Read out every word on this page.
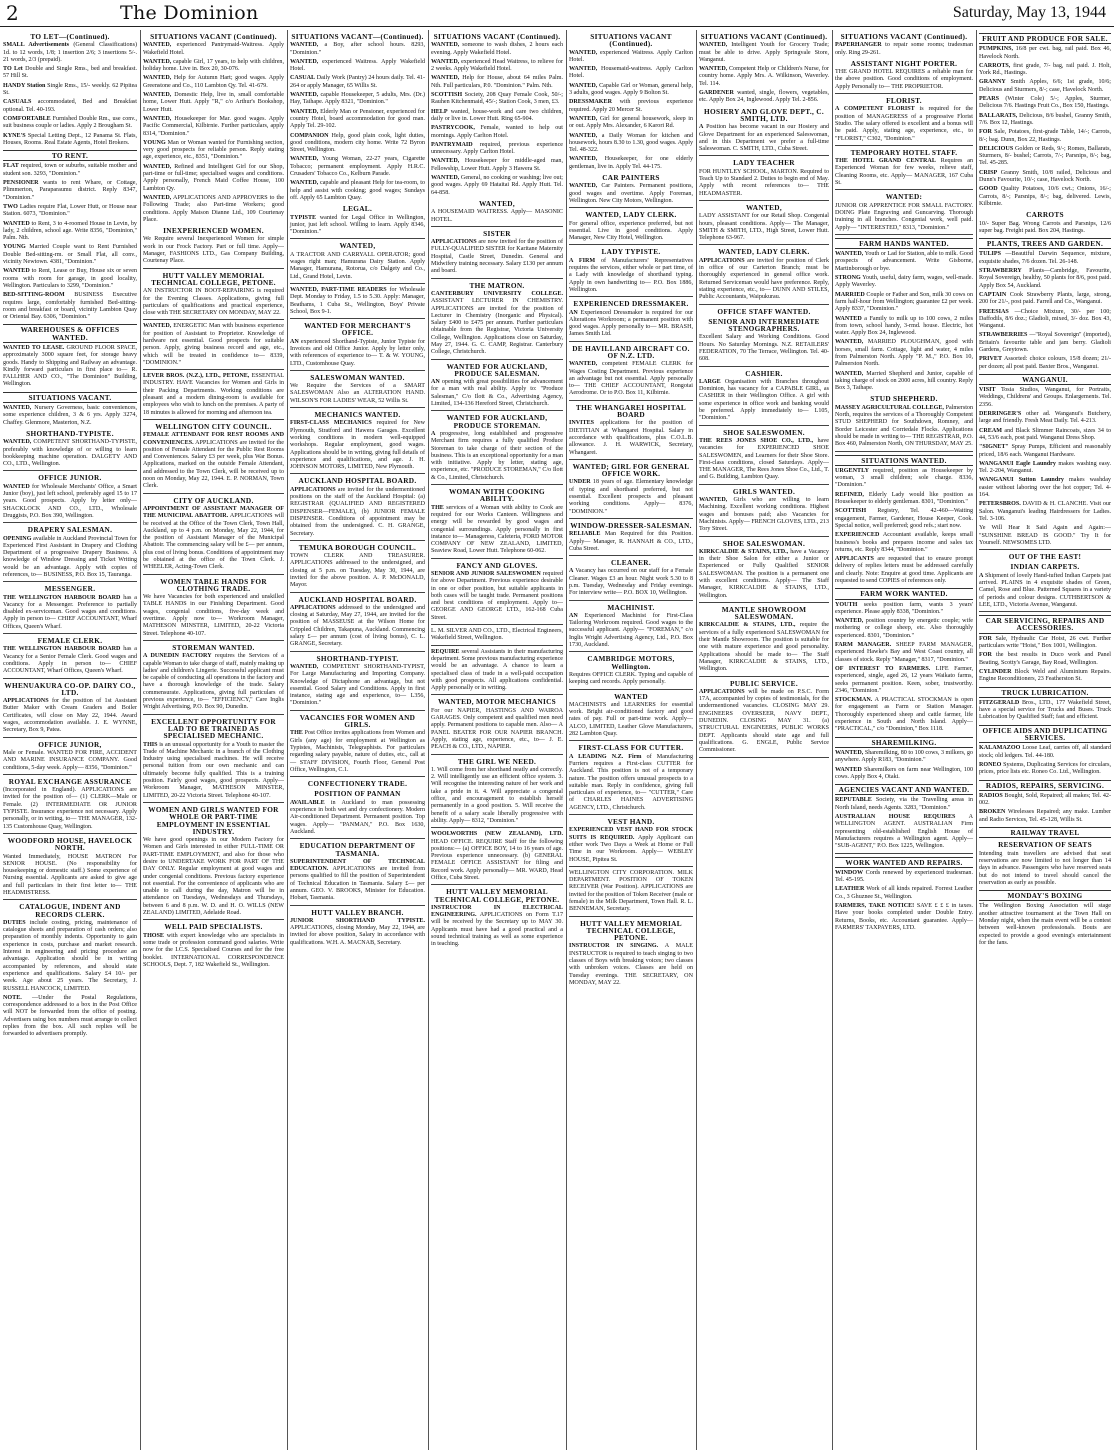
2	The Dominion	Saturday, May 13, 1944
TO LET—(Continued).
SMALL Advertisements (General Classifications) 1d. to 12 words, 1/8; 1 insertion 2/6; 3 insertions 5/-. 21 words, 2/3 (prepaid).
TO Let Double and Single Rms., bed and breakfast. 57 Hill St.
HANDY Station Single Rms., 15/- weekly. 62 Pipitea St.
CASUALS accommodated, Bed and Breakfast optional. Tel. 40-193.
COMFORTABLE Furnished Double Rm., use conv., suit business couple or ladies. Apply 2 Brougham St.
KYNE'S Special Letting Dept., 12 Panama St. Flats, Houses, Rooms. Real Estate Agents, Hotel Brokers.
TO RENT.
FLAT required, town or suburbs, suitable mother and student son. 3293, "Dominion."
PENSIONER wants to rent Whare, or Cottage, Plimmerton, Paraparaumu district. Reply 8347, "Dominion."
TWO Ladies require Flat, Lower Hutt, or House near Station. 6073, "Dominion."
WANTED to Rent, 3 to 4-roomed House in Levin, by lady, 2 children, school age. Write 8356, "Dominion," Palm. Nth.
YOUNG Married Couple want to Rent Furnished Double Bed-sitting-rm. or Small Flat, all conv., vicinity Newtown. 4381, "Dominion."
WANTED to Rent, Lease or Buy, House six or seven rooms with room for garage, in good locality, Wellington. Particulars to 3299, "Dominion."
BED-SITTING-ROOM BUSINESS Executive requires large, comfortably furnished Bed-sitting-room and breakfast or board, vicinity Lambton Quay or Oriental Bay. 6306, "Dominion."
WAREHOUSES & OFFICES WANTED.
WANTED TO LEASE. GROUND FLOOR SPACE, approximately 3000 square feet, for storage heavy goods. Handy to Shipping and Railway an advantage. Kindly forward particulars in first place to— R. FALLHER AND CO., "The Dominion" Building, Wellington.
SITUATIONS VACANT.
WANTED, Nursery Governess, basic conveniences, some experience children, 3 & 6 yrs. Apply 3274, Chaffey. Glenmore, Masterton, N.Z.
SHORTHAND-TYPISTE.
WANTED, COMPETENT SHORTHAND-TYPISTE, preferably with knowledge of or willing to learn bookkeeping machine operation. DALGETY AND CO., LTD., Wellington.
OFFICE JUNIOR.
WANTED for Wholesale Merchants' Office, a Smart Junior (boy), just left school, preferably aged 15 to 17 years. Good prospects. Apply by letter only— SHACKLOCK AND CO., LTD., Wholesale Druggists, P.O. Box 390, Wellington.
DRAPERY SALESMAN.
OPENING available in Auckland Provincial Town for Experienced First Assistant in Drapery and Clothing Department of a progressive Drapery Business. A knowledge of Window Dressing and Ticket Writing would be an advantage. Apply with copies of references, to— BUSINESS, P.O. Box 15, Tauranga.
MESSENGER.
THE WELLINGTON HARBOUR BOARD has a Vacancy for a Messenger. Preference to partially disabled ex-serviceman. Good wages and conditions. Apply in person to— CHIEF ACCOUNTANT, Wharf Offices, Queen's Wharf.
FEMALE CLERK.
THE WELLINGTON HARBOUR BOARD has a Vacancy for a Senior Female Clerk. Good wages and conditions. Apply in person to— CHIEF ACCOUNTANT, Wharf Offices, Queen's Wharf.
WHENUAKURA CO-OP. DAIRY CO., LTD.
APPLICATIONS for the position of 1st Assistant Butter Maker with Cream Graders and Boiler Certificates, will close on May 22, 1944. Award wages, accommodation available. J. E. WYNNE, Secretary, Box 9, Patea.
OFFICE JUNIOR,
Male or Female. WANTED FOR FIRE, ACCIDENT AND MARINE INSURANCE COMPANY. Good conditions, 5-day week. Apply— 8356, "Dominion."
ROYAL EXCHANGE ASSURANCE
(Incorporated in England). APPLICATIONS are invited for the position of— (1) CLERK—Male or Female. (2) INTERMEDIATE OR JUNIOR TYPISTE. Insurance experience not necessary. Apply personally, or in writing, to— THE MANAGER, 132-135 Customhouse Quay, Wellington.
WOODFORD HOUSE, HAVELOCK NORTH.
Wanted Immediately, HOUSE MATRON For SENIOR HOUSE. (No responsibility for housekeeping or domestic staff.) Some experience of Nursing essential. Applicants are asked to give age and full particulars in their first letter to— THE HEADMISTRESS.
CATALOGUE, INDENT AND RECORDS CLERK.
DUTIES include costing, pricing, maintenance of catalogue sheets and preparation of cash orders; also preparation of monthly indents. Opportunity to gain experience in costs, purchase and market research. Interest in engineering and pricing procedure an advantage. Application should be in writing accompanied by references, and should state experience and qualifications. Salary £4 10/- per week. Age about 25 years. The Secretary, J. RUSSELL HANCOCK, LIMITED.
NOTE. —Under the Postal Regulations, correspondence addressed to a box in the Post Office will NOT be forwarded from the office of posting. Advertisers using box numbers must arrange to collect replies from the box. All such replies will be forwarded to advertisers promptly.
SITUATIONS VACANT (Continued).
WANTED, experienced Pantrymaid-Waitress. Apply Wakefield Hotel.
WANTED, capable Girl, 17 years, to help with children, holiday home. Live in. Box 20, 30-076.
WANTED, Help for Autumn Hart; good wages. Apply Greenstone and Co., 110 Lambton Qy. Tel. 41-679.
WANTED, Domestic Help, live in, small comfortable home, Lower Hutt. Apply "R," c/o Arthur's Bookshop, Lower Hutt.
WANTED, Housekeeper for Mar. good wages. Apply Pacific Commercial, Kilbirnie. Further particulars, apply 8314, "Dominion."
YOUNG Man or Woman wanted for Furnishing section, very good prospects for reliable person. Reply stating age, experience, etc., 8351, "Dominion."
WANTED, Refined and Intelligent Girl for our Shop, part-time or full-time; specialised wages and conditions. Apply personally, French Maid Coffee House, 100 Lambton Qy.
WANTED, APPLICATIONS AND APPROVERS to the Following Trade; also Part-time Workers; good conditions. Apply Maison Dianne Ltd., 109 Courtenay Place.
INEXPERIENCED WOMEN.
We Require several Inexperienced Women for simple work in our Frock Factory. Part or full time. Apply— Manager, FASHIONS LTD., Gas Company Building, Courtenay Place.
HUTT VALLEY MEMORIAL TECHNICAL COLLEGE, PETONE.
AN INSTRUCTOR IN BOOT-REPAIRING is required for the Evening Classes. Applications, giving full particulars of qualifications and practical experience, close with THE SECRETARY ON MONDAY, MAY 22.
WANTED, ENERGETIC Man with business experience for position of Assistant to Proprietor. Knowledge of hardware not essential. Good prospects for suitable person. Apply, giving business record and age, etc., which will be treated in confidence to— 8339, "DOMINION."
LEVER BROS. (N.Z.), LTD., PETONE, ESSENTIAL INDUSTRY. HAVE Vacancies for Women and Girls in their Packing Departments. Working conditions are pleasant and a modern dining-room is available for employees who wish to lunch on the premises. A party of 18 minutes is allowed for morning and afternoon tea.
WELLINGTON CITY COUNCIL.
FEMALE ATTENDANT FOR REST ROOMS AND CONVENIENCES. APPLICATIONS are invited for the position of Female Attendant for the Public Rest Rooms and Conveniences. Salary £3 per week, plus War Bonus. Applications, marked on the outside Female Attendant, and addressed to the Town Clerk, will be received up to noon on Monday, May 22, 1944. E. P. NORMAN, Town Clerk.
CITY OF AUCKLAND.
APPOINTMENT OF ASSISTANT MANAGER OF THE MUNICIPAL ABATTOIR. APPLICATIONS will be received at the Office of the Town Clerk, Town Hall, Auckland, up to 4 p.m. on Monday, May 22, 1944, for the position of Assistant Manager of the Municipal Abattoir. The commencing salary will be £— per annum, plus cost of living bonus. Conditions of appointment may be obtained at the office of the Town Clerk. J. WHEELER, Acting-Town Clerk.
WOMEN TABLE HANDS FOR CLOTHING TRADE.
We have Vacancies for both experienced and unskilled TABLE HANDS in our Finishing Department. Good wages, congenial conditions, five-day week and overtime. Apply now to— Workroom Manager, MATHESON MINSTER, LIMITED, 20-22 Victoria Street. Telephone 40-107.
STOREMAN WANTED.
A DUNEDIN FACTORY requires the Services of a capable Woman to take charge of staff, mainly making up ladies' and children's Lingerie. Successful applicant must be capable of conducting all operations in the factory and have a thorough knowledge of the trade. Salary commensurate. Applications, giving full particulars of previous experience, to— "EFFICIENCY," Care Inglis Wright Advertising, P.O. Box 90, Dunedin.
EXCELLENT OPPORTUNITY FOR LAD TO BE TRAINED AS SPECIALISED MECHANIC.
THIS is an unusual opportunity for a Youth to master the Trade of Machine Mechanic in a branch of the Clothing Industry using specialised machines. He will receive personal tuition from our own mechanic and can ultimately become fully qualified. This is a training position. Fairly good wages, good prospects. Apply— Workroom Manager, MATHESON MINSTER, LIMITED, 20-22 Victoria Street. Telephone 40-107.
WOMEN AND GIRLS WANTED FOR WHOLE OR PART-TIME EMPLOYMENT IN ESSENTIAL INDUSTRY.
We have good openings in our Modern Factory for Women and Girls interested in either FULL-TIME OR PART-TIME EMPLOYMENT, and also for those who desire to UNDERTAKE WORK FOR PART OF THE DAY ONLY. Regular employment at good wages and under congenial conditions. Previous factory experience not essential. For the convenience of applicants who are unable to call during the day, Matron will be in attendance on Tuesdays, Wednesdays and Thursdays, between 6 and 8 p.m. W. D. and H. O. WILLS (NEW ZEALAND) LIMITED, Adelaide Road.
WELL PAID SPECIALISTS.
THOSE with expert knowledge who are specialists in some trade or profession command good salaries. Write now for the I.C.S. Specialised Courses and for the free booklet. INTERNATIONAL CORRESPONDENCE SCHOOLS, Dept. 7, 182 Wakefield St., Wellington.
SITUATIONS VACANT—(Continued).
WANTED, a Boy, after school hours. 8293, "Dominion."
WANTED, experienced Waitress. Apply Wakefield Hotel.
CASUAL Daily Work (Pantry) 24 hours daily. Tel. 41-264 or apply Manager, 65 Willis St.
WANTED, capable Housekeeper, 5 adults, Mrs. (Dr.) Hay, Taihape. Apply 8321, "Dominion."
WANTED, Elderly Man or Pensioner, experienced for country Hotel, board accommodation for good man. Apply Tel. 29-102.
COMPANION Help, good plain cook, light duties, good conditions, modern city home. Write 72 Byron Street, Wellington.
WANTED, Young Woman, 22-27 years, Cigarette Tobacco; permanent employment. Apply H.R.C. Crusaders' Tobacco Co., Kelburn Parade.
WANTED, capable and pleasant Help for tea-room, to help and assist with cooking; good wages; Sundays off. Apply 65 Lambton Quay.
LEGAL.
TYPISTE wanted for Legal Office in Wellington, junior, just left school. Willing to learn. Apply 8346, "Dominion."
WANTED,
A TRACTOR AND CARRYALL OPERATOR; good wages right man; Hamurana Dairy Station. Apply Manager, Hamurana, Rotorua, c/o Dalgety and Co., Ltd., Grand Hotel, Levin.
WANTED, PART-TIME READERS for Wholesale Dept. Monday to Friday, 1.5 to 5.30. Apply: Manager, Beathams, 1 Cuba St., Wellington, Boys' Private School, Box 9-1.
WANTED FOR MERCHANT'S OFFICE.
AN experienced Shorthand-Typiste, Junior Typiste for Invoices and old Office Junior. Apply by letter only, with references of experience to— T. & W. YOUNG, LTD., Customhouse Quay.
SALESWOMAN WANTED.
We Require the Services of a SMART SALESWOMAN Also an ALTERATION HAND. WILSON'S FOR LADIES' WEAR, 52 Willis St.
MECHANICS WANTED.
FIRST-CLASS MECHANICS required for New Plymouth, Stratford and Hawera Garages. Excellent working conditions in modern well-equipped workshops. Regular employment, good wages. Applications should be in writing, giving full details of experience and qualifications, and age. J. H. JOHNSON MOTORS, LIMITED, New Plymouth.
AUCKLAND HOSPITAL BOARD.
APPLICATIONS are invited for the undermentioned positions on the staff of the Auckland Hospital: (a) REGISTRAR (QUALIFIED AND REGISTERED DISPENSER—FEMALE), (b) JUNIOR FEMALE DISPENSER. Conditions of appointment may be obtained from the undersigned. C. H. GRANGE, Secretary.
TEMUKA BOROUGH COUNCIL.
TOWN CLERK AND TREASURER. APPLICATIONS addressed to the undersigned, and closing at 5 p.m. on Tuesday, May 30, 1944, are invited for the above position. A. P. McDONALD, Mayor.
AUCKLAND HOSPITAL BOARD.
APPLICATIONS addressed to the undersigned and closing at Saturday, May 27, 1944, are invited for the position of MASSEUSE at the Wilson Home for Crippled Children, Takapuna, Auckland. Commencing salary £— per annum (cost of living bonus), C. L. GRANGE, Secretary.
SHORTHAND-TYPIST.
WANTED, COMPETENT SHORTHAND-TYPIST, For Large Manufacturing and Importing Company. Knowledge of Dictaphone an advantage, but not essential. Good Salary and Conditions. Apply in first instance, stating age and experience, to— L356, "Dominion."
VACANCIES FOR WOMEN AND GIRLS.
THE Post Office invites applications from Women and Girls (any age) for employment at Wellington as Typistes, Machinists, Telegraphists. For particulars regarding salary payable, nature of duties, etc., call at— STAFF DIVISION, Fourth Floor, General Post Office, Wellington, C.1.
CONFECTIONERY TRADE.
POSITION OF PANMAN
AVAILABLE in Auckland to man possessing experience in both wet and dry confectionery. Modern Air-conditioned Department. Permanent position. Top wages. Apply— "PANMAN," P.O. Box 1630, Auckland.
EDUCATION DEPARTMENT OF TASMANIA.
SUPERINTENDENT OF TECHNICAL EDUCATION. APPLICATIONS are invited from persons qualified to fill the position of Superintendent of Technical Education in Tasmania. Salary £— per annum. GEO. V. BROOKS, Minister for Education. Hobart, Tasmania.
HUTT VALLEY BRANCH.
JUNIOR SHORTHAND TYPISTE. APPLICATIONS, closing Monday, May 22, 1944, are invited for above position, Salary in accordance with qualifications. W.H. A. MACNAB, Secretary.
SITUATIONS VACANT (Continued).
WANTED, someone to wash dishes, 2 hours each evening. Apply Wakefield Hotel.
WANTED, experienced Head Waitress, to relieve for 2 weeks. Apply Wakefield Hotel.
WANTED, Help for House, about 64 miles Palm. Nth. Full particulars, P.0. "Dominion." Palm. Nth.
SCOTTISH Society, 208 Quay Female Cook, 50/-; Rauhen Kitchenmaid, 45/-; Station Cook, 3 men, £3.
HELP wanted, house-work and care two children, daily or live in. Lower Hutt. Ring 65-904.
PASTRYCOOK, Female, wanted to help out mornings. Apply Carlton Hotel.
PANTRYMAID required, previous experience unnecessary. Apply Carlton Hotel.
WANTED, Housekeeper for middle-aged man, Fellowship, Lower Hutt. Apply 3 Hawera St.
WANTED, General, no cooking or washing; live out; good wages. Apply 69 Hataitai Rd. Apply Hutt. Tel. 64-858.
WANTED,
A HOUSEMAID WAITRESS. Apply— MASONIC HOTEL.
SISTER
APPLICATIONS are now invited for the position of FULLY-QUALIFIED SISTER for Karitane Maternity Hospital, Castle Street, Dunedin. General and Midwifery training necessary. Salary £130 per annum and board.
THE MATRON.
CANTERBURY UNIVERSITY COLLEGE. ASSISTANT LECTURER IN CHEMISTRY. APPLICATIONS are invited for the position of Lecturer in Chemistry (Inorganic and Physical). Salary £400 to £475 per annum. Further particulars obtainable from the Registrar, Victoria University College, Wellington. Applications close on Saturday, May 27, 1944. G. C. CAMP, Registrar. Canterbury College, Christchurch.
WANTED FOR AUCKLAND, PRODUCE SALESMAN.
AN opening with great possibilities for advancement for a man with real ability. Apply to: "Produce Salesman," C/o Ilott & Co., Advertising Agency, Limited, 134-136 Hereford Street, Christchurch.
WANTED FOR AUCKLAND, PRODUCE STOREMAN.
A progressive, long established and progressive Merchant firm requires a fully qualified Produce Storeman to take charge of their section of the business. This is an exceptional opportunity for a man with initiative. Apply by letter, stating age, experience, etc. "PRODUCE STOREMAN," C/o Ilott & Co., Limited, Christchurch.
WOMAN WITH COOKING ABILITY.
THE services of a Woman with ability to Cook are required for our Works Canteen. Willingness and energy will be rewarded by good wages and congenial surroundings. Apply personally in first instance to— Manageress, Cafeteria, FORD MOTOR COMPANY OF NEW ZEALAND, LIMITED, Seaview Road, Lower Hutt. Telephone 60-062.
FANCY AND GLOVES.
SENIOR AND JUNIOR SALESWOMEN required for above Department. Previous experience desirable in one or other position, but suitable applicants in both cases will be taught trade. Permanent positions and best conditions of employment. Apply to— GEORGE AND GEORGE LTD., 162-168 Cuba Street.
L. M. SILVER AND CO., LTD., Electrical Engineers, Wakefield Street, Wellington.
REQUIRE several Assistants in their manufacturing department. Some previous manufacturing experience would be an advantage. A chance to learn a specialised class of trade in a well-paid occupation with good prospects. All applications confidential. Apply personally or in writing.
WANTED, MOTOR MECHANICS
For our NAPIER, HASTINGS AND WAIROA GARAGES. Only competent and qualified men need apply. Permanent positions to capable men. Also— A PANEL BEATER FOR OUR NAPIER BRANCH. Apply, stating age, experience, etc., to— J. E. PEACH & CO., LTD., NAPIER.
THE GIRL WE NEED.
1. Will come from her shorthand neatly and correctly. 2. Will intelligently use an efficient office system. 3. Will recognise the interesting nature of her work and take a pride in it. 4. Will appreciate a congenial office, and encouragement to establish herself permanently in a good position. 5. Will receive the benefit of a salary scale liberally progressive with ability. Apply— 8312, "Dominion."
WOOLWORTHS (NEW ZEALAND), LTD. HEAD OFFICE. REQUIRE Staff for the following positions:— (a) OFFICE BOY, 14 to 16 years of age. Previous experience unnecessary. (b) GENERAL FEMALE OFFICE ASSISTANT for filing and Record work. Apply personally— MR. WARD, Head Office, Cuba Street.
HUTT VALLEY MEMORIAL TECHNICAL COLLEGE, PETONE.
INSTRUCTOR IN ELECTRICAL ENGINEERING. APPLICATIONS on Form T.17 will be received by the Secretary up to MAY 30. Applicants must have had a good practical and a sound technical training as well as some experience in teaching.
SITUATIONS VACANT (Continued).
WANTED, experienced Waitress. Apply Carlton Hotel.
WANTED, Housemaid-waitress. Apply Carlton Hotel.
WANTED, Capable Girl or Woman, general help, 3 adults, good wages. Apply 9 Bolton St.
DRESSMAKER with previous experience required. Apply 20 Mercer St.
WANTED, Girl for general housework, sleep in or out. Apply Mrs. Alexander, 6 Karori Rd.
WANTED, a Daily Woman for kitchen and housework, hours 8.30 to 1.30, good wages. Apply Tel. 48-322.
WANTED, Housekeeper, for one elderly gentleman, live in. Apply Tel. 44-175.
CAR PAINTERS
WANTED, Car Painters. Permanent positions, good wages and overtime. Apply Foreman, Wellington. New City Motors, Wellington.
WANTED, LADY CLERK.
For general office, experience preferred, but not essential. Live in good conditions. Apply Manager, New City Hotel, Wellington.
LADY TYPISTE.
A FIRM of Manufacturers' Representatives requires the services, either whole or part time, of a Lady with knowledge of shorthand typing. Apply in own handwriting to— P.O. Box 1886, Wellington.
EXPERIENCED DRESSMAKER.
AN Experienced Dressmaker is required for our Alterations Workroom; a permanent position with good wages. Apply personally to— MR. BRASH, James Smith Ltd.
DE HAVILLAND AIRCRAFT CO. OF N.Z. LTD.
WANTED, competent FEMALE CLERK for Wages Costing Department. Previous experience an advantage but not essential. Apply personally to— THE CHIEF ACCOUNTANT, Rongotai Aerodrome. Or to P.O. Box 11, Kilbirnie.
THE WHANGAREI HOSPITAL BOARD
INVITES applications for the position of DIETITIAN at Whangarei Hospital. Salary in accordance with qualifications, plus C.O.L.B. allowance. J. H. WARWICK, Secretary, Whangarei.
WANTED; GIRL FOR GENERAL OFFICE WORK.
UNDER 18 years of age. Elementary knowledge of typing and shorthand preferred, but not essential. Excellent prospects and pleasant working conditions. Apply— 8376, "DOMINION."
WINDOW-DRESSER-SALESMAN.
RELIABLE Man Required for this Position. Apply— Manager, R. HANNAH & CO., LTD., Cuba Street.
CLEANER.
A Vacancy has occurred on our staff for a Female Cleaner. Wages £3 an hour. Night work 5.30 to 8 p.m. Tuesday, Wednesday and Friday evenings. For interview write— P.O. BOX 10, Wellington.
MACHINIST.
AN Experienced Machinist for First-Class Tailoring Workroom required. Good wages to the successful applicant. Apply— "FOREMAN," c/o Inglis Wright Advertising Agency, Ltd., P.O. Box 1730, Auckland.
CAMBRIDGE MOTORS, Wellington.
Requires OFFICE CLERK. Typing and capable of keeping card records. Apply personally.
WANTED
MACHINISTS and LEARNERS for essential work. Bright air-conditioned factory and good rates of pay. Full or part-time work. Apply— ALCO, LIMITED, Leather Glove Manufacturers, 282 Lambton Quay.
FIRST-CLASS FOR CUTTER.
A LEADING N.Z. Firm of Manufacturing Furriers requires a First-class CUTTER for Auckland. This position is not of a temporary nature. The position offers unusual prospects to a suitable man. Reply in confidence, giving full particulars of experience, to— "CUTTER," Care of CHARLES HAINES ADVERTISING AGENCY, LTD., Christchurch.
VEST HAND.
EXPERIENCED VEST HAND FOR STOCK SUITS IS REQUIRED. Apply Applicant can either work Two Days a Week at Home or Full Time in our Workroom. Apply— WEBLEY HOUSE, Pipitea St.
WELLINGTON CITY CORPORATION. MILK DEPARTMENT. POSITION OF TOKEN RECEIVER (War Position). APPLICATIONS are invited for the position of Token Receiver (male or female) in the Milk Department, Town Hall. R. L. BENNEMAN, Secretary.
HUTT VALLEY MEMORIAL TECHNICAL COLLEGE, PETONE.
INSTRUCTOR IN SINGING. A MALE INSTRUCTOR is required to teach singing to two classes of Boys with breaking voices; two classes with unbroken voices. Classes are held on Tuesday evenings. THE SECRETARY, ON MONDAY, MAY 22.
SITUATIONS VACANT (Continued).
WANTED, Intelligent Youth for Grocery Trade; must be able to drive. Apply Springvale Store, Wanganui.
WANTED, Competent Help or Children's Nurse, for country home. Apply Mrs. A. Wilkinson, Waverley. Tel. 114.
GARDENER wanted, single, flowers, vegetables, etc. Apply Box 24, Inglewood. Apply Tel. 2-856.
HOSIERY AND GLOVE DEPT., C. SMITH, LTD.
A Position has become vacant in our Hosiery and Glove Department for an experienced Saleswoman, and in this Department we prefer a full-time Saleswoman. C. SMITH, LTD., Cuba Street.
LADY TEACHER
FOR HUNTLEY SCHOOL, MARTON. Required to Teach Up to Standard 2. Duties to begin end of May. Apply with recent references to— THE HEADMASTER.
WANTED,
LADY ASSISTANT for our Retail Shop. Congenial hours, pleasant conditions. Apply— The Manager, SMITH & SMITH, LTD., High Street, Lower Hutt. Telephone 63-967.
WANTED, LADY CLERK.
APPLICATIONS are invited for position of Clerk in office of our Carterton Branch; must be thoroughly experienced in general office work. Returned Serviceman would have preference. Reply, stating experience, etc., to— DUNN AND STILES, Public Accountants, Waipukurau.
OFFICE STAFF WANTED.
SENIOR AND INTERMEDIATE STENOGRAPHERS.
Excellent Salary and Working Conditions. Good Hours. No Saturday Mornings. N.Z. RETAILERS' FEDERATION, 70 The Terrace, Wellington. Tel. 40-608.
CASHIER.
LARGE Organisation with Branches throughout Dominion, has vacancy for a CAPABLE GIRL, as CASHIER in their Wellington Office. A girl with some experience in office work and banking would be preferred. Apply immediately to— L105, "Dominion."
SHOE SALESWOMEN.
THE REES JONES SHOE CO., LTD., have vacancies for EXPERIENCED SHOE SALESWOMEN, and Learners for their Shoe Store. First-class conditions, closed Saturdays. Apply— THE MANAGER, The Rees Jones Shoe Co., Ltd., T. and G. Building, Lambton Quay.
GIRLS WANTED.
WANTED, Girls who are willing to learn Machining. Excellent working conditions. Highest wages and bonuses paid; also Vacancies for Machinists. Apply— FRENCH GLOVES, LTD., 213 Tory Street.
SHOE SALESWOMAN.
KIRKCALDIE & STAINS, LTD., have a Vacancy in their Shoe Salon for either a Junior or Experienced or Fully Qualified SENIOR SALESWOMAN. The position is a permanent one with excellent conditions. Apply— The Staff Manager, KIRKCALDIE & STAINS, LTD., Wellington.
MANTLE SHOWROOM SALESWOMAN.
KIRKCALDIE & STAINS, LTD., require the services of a fully experienced SALESWOMAN for their Mantle Showroom. The position is suitable for one with mature experience and good personality. Applications should be made to— The Staff Manager, KIRKCALDIE & STAINS, LTD., Wellington.
PUBLIC SERVICE.
APPLICATIONS will be made on P.S.C. Form 17A, accompanied by copies of testimonials, for the undermentioned vacancies. CLOSING MAY 29. ENGINEERS OVERSEER, NAVY DEPT., DUNEDIN. CLOSING MAY 31. (a) STRUCTURAL ENGINEERS, PUBLIC WORKS DEPT. Applicants should state age and full qualifications. G. ENGLE, Public Service Commissioner.
SITUATIONS VACANT (Continued).
PAPERHANGER to repair some rooms; tradesman only. Ring 29-261.
ASSISTANT NIGHT PORTER.
THE GRAND HOTEL REQUIRES a reliable man for the above position. Good conditions of employment. Apply Personally to— THE PROPRIETOR.
FLORIST.
A COMPETENT FLORIST is required for the position of MANAGERESS of a progressive Florist Studio. The salary offered is excellent and a bonus will be paid. Apply, stating age, experience, etc., to "FLORIST," C302, "Dominion."
TEMPORARY HOTEL STAFF.
THE HOTEL GRAND CENTRAL Requires an Experienced Woman for few weeks, relieve staff, Cleaning Rooms, etc. Apply— MANAGER, 167 Cuba St.
WANTED:
JUNIOR OR APPRENTICE FOR SMALL FACTORY. DOING Plate Engraving and Guncarving. Thorough training in all branches. Congenial work, well paid. Apply— "INTERESTED," 8313, "Dominion."
FARM HANDS WANTED.
WANTED, Youth or Lad for Station, able to milk. Good prospects of advancement. Write Gisborne, Martinborough or bye.
STRONG Youth, useful, dairy farm, wages, well-made. Apply Waverley.
MARRIED Couple or Father and Son, milk 30 cows on farm half-hour from Wellington; guarantee £2 per week. Apply 8337, "Dominion."
WANTED a Family to milk up to 100 cows, 2 miles from town, school handy, 3-rmd. house. Electric, hot water. Apply Box 24, Inglewood.
WANTED, MARRIED PLOUGHMAN, good with horses, small farm. Cottage, light and water, 4 miles from Palmerston North. Apply "P. M.," P.O. Box 10, Palmerston North.
WANTED, Married Shepherd and Junior, capable of taking charge of stock on 2000 acres, hill country. Reply Box 3, Taihape.
STUD SHEPHERD.
MASSEY AGRICULTURAL COLLEGE, Palmerston North, requires the services of a Thoroughly Competent STUD SHEPHERD for Southdown, Romney, and Border Leicester and Corriedale Flocks. Applications should be made in writing to— THE REGISTRAR, P.O. Box 460, Palmerston North, ON THURSDAY, MAY 25.
SITUATIONS WANTED.
URGENTLY required, position as Housekeeper by woman, 3 small children; sole charge. 8336, "Dominion."
REFINED, Elderly Lady would like position as Housekeeper to elderly gentleman. 8301, "Dominion."
SCOTTISH Registry, Tel. 42-460—Waiting engagement, Farmer, Gardener, House Keeper, Cook. Special notice, well preferred; good refs.; start now.
EXPERIENCED Accountant available, keeps small business's books and prepares income and sales tax returns, etc. Reply 8344, "Dominion."
APPLICANTS are requested that to ensure prompt delivery of replies letters must be addressed carefully and clearly. Note: Enquire at good time. Applicants are requested to send COPIES of references only.
FARM WORK WANTED.
YOUTH seeks position farm, wants 3 years' experience. Please apply 8338, "Dominion."
WANTED, position country by energetic couple; wife mothering or college sheep, etc. Also thoroughly experienced. 8301, "Dominion."
FARM MANAGER. SHEEP FARM MANAGER, experienced Hawke's Bay and West Coast country, all classes of stock. Reply "Manager," 8317, "Dominion."
OF INTEREST TO FARMERS. LIFE Farmer, experienced, single, aged 26, 12 years Waikato farms, seeks permanent position. Keen, sober, trustworthy. 2346, "Dominion."
STOCKMAN. A PRACTICAL STOCKMAN is open for engagement as Farm or Station Manager. Thoroughly experienced sheep and cattle farmer, life experience in South and North Island. Apply— "PRACTICAL," c/o "Dominion," Box 1118.
SHAREMILKING.
WANTED, Sharemilking, 80 to 100 cows, 3 milkers, go anywhere. Apply R183, "Dominion."
WANTED Sharemilkers on farm near Wellington, 100 cows. Apply Box 4, Otaki.
AGENCIES VACANT AND WANTED.
REPUTABLE Society, via the Travelling areas in North Island, needs Agents. 3283, "Dominion."
AUSTRALIAN HOUSE REQUIRES A WELLINGTON AGENT. AUSTRALIAN Firm representing old-established English House of Manufacturers requires a Wellington agent. Apply— "SUB-AGENT," P.O. Box 1225, Wellington.
WORK WANTED AND REPAIRS.
WINDOW Cords renewed by experienced tradesman. Tel. 45-195.
LEATHER Work of all kinds repaired. Forrest Leather Co., 3 Ghuznee St., Wellington.
FARMERS, TAKE NOTICE! SAVE £ £ £ in taxes. Have your books completed under Double Entry. Returns, Books, etc. Accountant guarantee. Apply— FARMERS' TAXPAYERS, LTD.
FRUIT AND PRODUCE FOR SALE.
PUMPKINS, 16/8 per cwt. bag, rail paid. Box 46, Havelock North.
CARROTS, first grade, 7/- bag, rail paid. J. Holt, York Rd., Hastings.
GRANNY Smith Apples, 6/6; 1st grade, 10/6; Delicious and Sturmers, 8/-; case, Havelock North.
PEARS (Winter Cole) 5/-; Apples, Sturmer, Delicious 7/6. Hastings Fruit Co., Box 150, Hastings.
BALLARATS, Delicious, 8/6 bushel, Granny Smith, 7/6. Box 12, Hastings.
FOR Sale, Potatoes, first-grade Table, 14/-; Carrots, 8/-; bag. Dunn, Box 22, Hastings.
DELICIOUS Golden or Reds, 9/-; Romes, Ballarats, Sturmers, 8/- bushel; Carrots, 7/-; Parsnips, 8/-; bag, Tel. 45-285.
CRISP Granny Smith, 10/8 railed, Delicious and Dunn's Favourite, 10/-; case, Havelock North.
GOOD Quality Potatoes, 10/6 cwt.; Onions, 16/-; Carrots, 8/-; Parsnips, 8/-; bag, delivered. Lewis, Kilbirnie.
CARROTS
10/- Super Bag. Wrong Carrots and Parsnips, 12/6 super bag. Freight paid. Box 204, Hastings.
PLANTS, TREES AND GARDEN.
TULIPS —Beautiful Darwin Sequence, mixture, exquisite shades, 7/6 dozen. Tel. 26-148.
STRAWBERRY Plants—Cambridge, Favourite, Royal Sovereign, healthy, 50 plants for 8/6, post paid. Apply Box 54, Auckland.
CAPTAIN Cook Strawberry Plants, large, strong, 200 for 21/-, post paid. Farrell and Co., Wanganui.
FREESIAS —Choice Mixture, 30/- per 100; Daffodils, 8/6 doz.; Gladioli, mixed, 3/- doz. Box 43, Wanganui.
STRAWBERRIES —"Royal Sovereign" (imported), Britain's favourite table and jam berry. Gladioli Gardens, Greytown.
PRIVET Assorted: choice colours, 15/8 dozen; 21/- per dozen; all post paid. Baxter Bros., Wanganui.
WANGANUI.
VISIT Tosia Studios, Wanganui, for Portraits, Weddings, Childrens' and Groups. Enlargements. Tel. 2356.
DERRINGER'S other ad. Wanganui's Butchery, large and friendly. Fresh Meat Daily. Tel. 4-213.
CREAM and Black Slimmer Raincoats, sizes 34 to 44, 53/6 each, post paid. Wanganui Dress Shop.
"SIGNET" Spray Pumps, Efficient and reasonably priced, 18/6 each. Wanganui Hardware.
WANGANUI Eagle Laundry makes washing easy. Tel. 2-204, Wanganui.
WANGANUI Sutton Laundry makes washday easier without laboring over the hot copper; Tel. 4-164.
PETERSBROS. DAVID & H. CLANCHE. Visit our Salon. Wanganui's leading Hairdressers for Ladies. Tel. 3-106.
Ye Will Hear It Said Again and Again:— "SUNSHINE BREAD IS GOOD." Try It for Yourself. NEWSOMES LTD.
OUT OF THE EAST!
INDIAN CARPETS.
A Shipment of lovely Hand-tufted Indian Carpets just arrived. PLAINS in 4 exquisite shades of Green, Camel, Rose and Blue. Patterned Squares in a variety of periods and colour designs. CUTHBERTSON & LEE, LTD., Victoria Avenue, Wanganui.
CAR SERVICING, REPAIRS AND ACCESSORIES.
FOR Sale, Hydraulic Car Hoist, 26 cwt. Further particulars write "Hoist," Box 1001, Wellington.
FOR the best results in Duco work and Panel Beating, Scotty's Garage, Bay Road, Wellington.
CYLINDER Block Weld and Aluminium Repairs. Engine Reconditioners, 23 Featherston St.
TRUCK LUBRICATION.
FITZGERALD Bros., LTD., 177 Wakefield Street, have a special service for Trucks and Buses. Truck Lubrication by Qualified Staff; fast and efficient.
OFFICE AIDS AND DUPLICATING SERVICES.
KALAMAZOO Loose Leaf, carries off, all standard stock; old ledgers. Tel. 44-180.
RONEO Systems, Duplicating Services for circulars, prices, price lists etc. Roneo Co. Ltd., Wellington.
RADIOS, REPAIRS, SERVICING.
RADIOS Bought, Sold, Repaired; all makes; Tel. 42-002.
BROKEN Wirelesses Repaired; any make. Lumber and Radio Services, Tel. 45-128, Willis St.
RAILWAY TRAVEL
RESERVATION OF SEATS
Intending train travellers are advised that seat reservations are now limited to not longer than 14 days in advance. Passengers who have reserved seats but do not intend to travel should cancel the reservation as early as possible.
MONDAY'S BOXING
The Wellington Boxing Association will stage another attractive tournament at the Town Hall on Monday night, when the main event will be a contest between well-known professionals. Bouts are expected to provide a good evening's entertainment for the fans.
